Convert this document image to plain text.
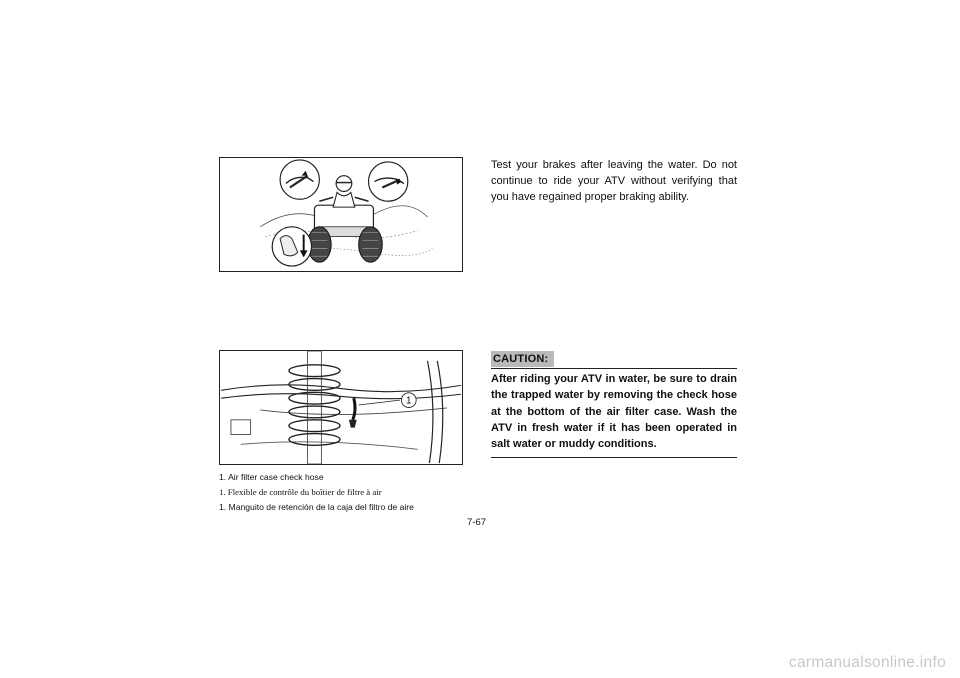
1
1. Air filter case check hose
1. Flexible de contrôle du boîtier de filtre à air
1. Manguito de retención de la caja del filtro de aire

Test your brakes after leaving the water. Do not continue to ride your ATV without verifying that you have regained proper braking ability.

CAUTION:

After riding your ATV in water, be sure to drain the trapped water by removing the check hose at the bottom of the air filter case. Wash the ATV in fresh water if it has been operated in salt water or muddy conditions.

7-67
carmanualsonline.info
